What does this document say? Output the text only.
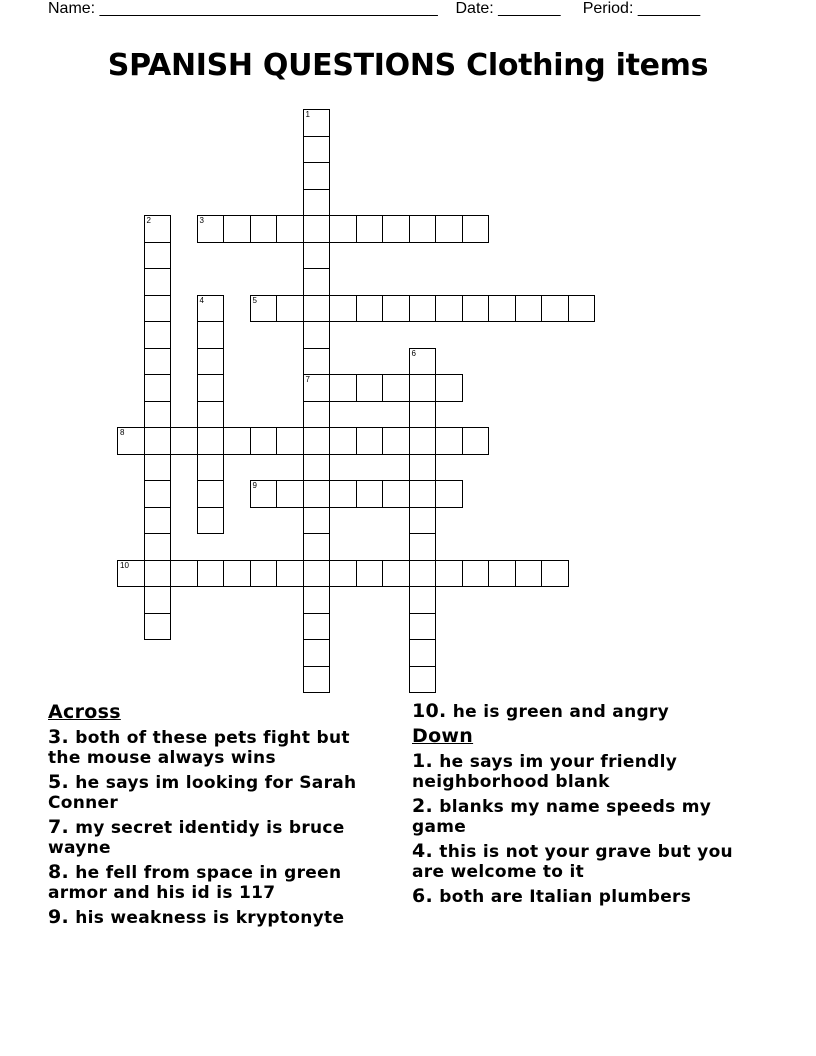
Name: ______________________________________    Date: _______     Period: _______
SPANISH QUESTIONS Clothing items
1
7
2	3
4	5
6
8
9
10
Across
3. both of these pets fight but the mouse always wins
5. he says im looking for Sarah Conner
7. my secret identidy is bruce wayne
8. he fell from space in green armor and his id is 117
9. his weakness is kryptonyte
10. he is green and angry
Down
1. he says im your friendly neighborhood blank
2. blanks my name speeds my game
4. this is not your grave but you are welcome to it
6. both are Italian plumbers
